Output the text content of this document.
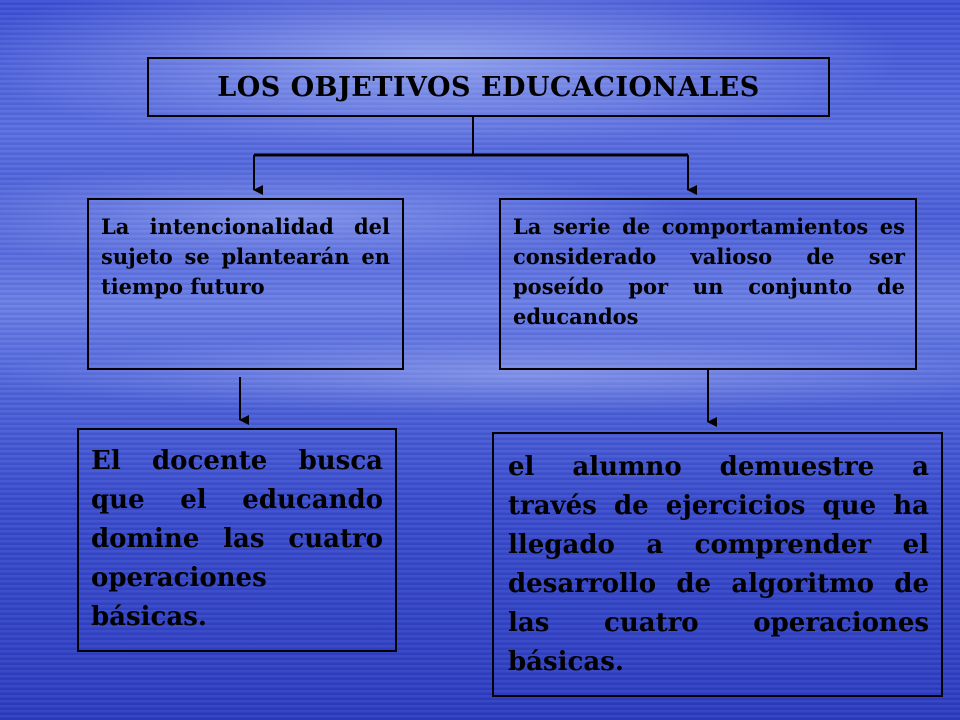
LOS OBJETIVOS EDUCACIONALES

La intencionalidad del sujeto se plantearán en tiempo futuro

La serie de comportamientos es considerado valioso de ser poseído por un conjunto de educandos

El docente busca que el educando domine las cuatro operaciones básicas.

el alumno demuestre a través de ejercicios que ha llegado a comprender el desarrollo de algoritmo de las cuatro operaciones básicas.
